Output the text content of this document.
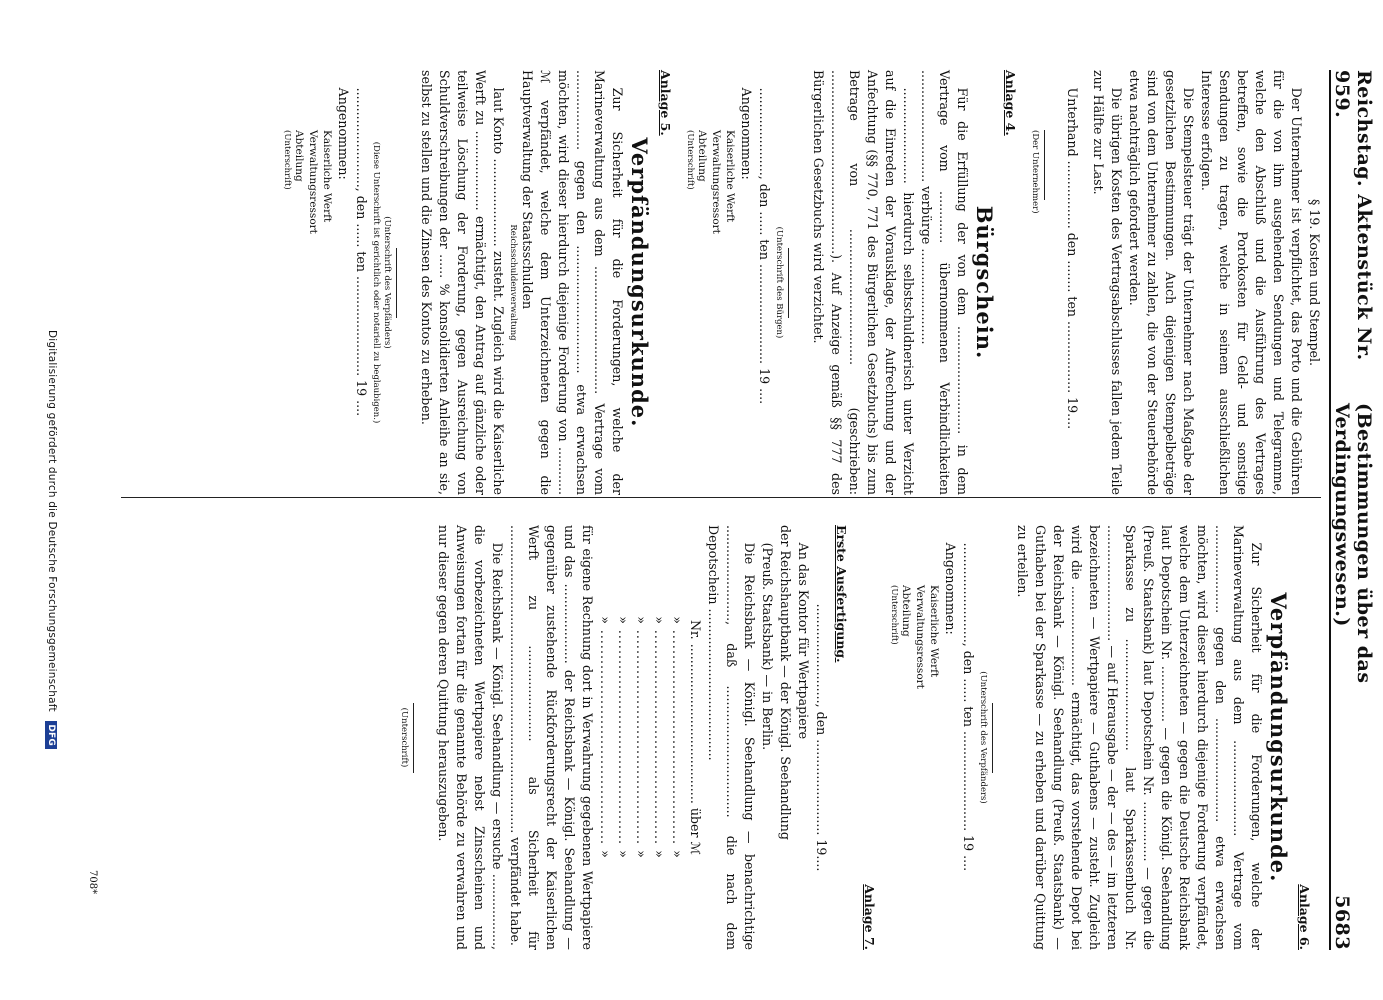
Reichstag. Aktenstück Nr. 959.
(Bestimmungen über das Verdingungswesen.)
5683

§ 19. Kosten und Stempel.

Der Unternehmer ist verpflichtet, das Porto und die Gebühren für die von ihm ausgehenden Sendungen und Telegramme, welche den Abschluß und die Ausführung des Vertrages betreffen, sowie die Portokosten für Geld- und sonstige Sendungen zu tragen, welche in seinem ausschließlichen Interesse erfolgen.

Die Stempelsteuer trägt der Unternehmer nach Maßgabe der gesetzlichen Bestimmungen. Auch diejenigen Stempelbeträge sind von dem Unternehmer zu zahlen, die von der Steuerbehörde etwa nachträglich gefordert werden.

Die übrigen Kosten des Vertragsabschlusses fallen jedem Teile zur Hälfte zur Last.

Unterhand ................. den ........ ten .................. 19....

(Der Unternehmer)

Anlage 4.

Bürgschein.

Für die Erfüllung der von dem ........................... in dem Vertrage vom ............. übernommenen Verbindlichkeiten ............................ verbürge ........................

........................ hierdurch selbstschuldnerisch unter Verzicht auf die Einreden der Vorausklage, der Aufrechnung und der Anfechtung (§§ 770, 771 des Bürgerlichen Gesetzbuchs) bis zum Betrage von .................................. (geschrieben: ..............................................). Auf Anzeige gemäß §§ 777 des Bürgerlichen Gesetzbuchs wird verzichtet.

(Unterschrift des Bürgen)

......................, den ...... ten ......................... 19 ....

Angenommen:

Kaiserliche Werft

Verwaltungsressort

Abteilung

(Unterschrift)

Anlage 5.

Verpfändungsurkunde.

Zur Sicherheit für die Forderungen, welche der Marineverwaltung aus dem ................................ Vertrage vom .................... gegen den ................................ etwa erwachsen möchten, wird dieser hierdurch diejenige Forderung von ............ ℳ verpfändet, welche dem Unterzeichneten gegen die Hauptverwaltung der Staatsschulden

Reichsschuldenverwaltung

laut Konto ...................... zusteht. Zugleich wird die Kaiserliche Werft zu .................... ermächtigt, den Antrag auf gänzliche oder teilweise Löschung der Forderung, gegen Ausreichung von Schuldverschreibungen der ...... % konsolidierten Anleihe an sie, selbst zu stellen und die Zinsen des Kontos zu erheben.

(Unterschrift des Verpfänders)

(Diese Unterschrift ist gerichtlich oder notariell zu beglaubigen.)

........................., den ...... ten ......................... 19 ....

Angenommen:

Kaiserliche Werft

Verwaltungsressort

Abteilung

(Unterschrift)

Anlage 6.

Verpfändungsurkunde.

Zur Sicherheit für die Forderungen, welche der Marineverwaltung aus dem ........................ Vertrage vom ...................... gegen den .......................... etwa erwachsen möchten, wird dieser hierdurch diejenige Forderung verpfändet, welche dem Unterzeichneten — gegen die Deutsche Reichsbank laut Depotschein Nr. .............. — gegen die Königl. Seehandlung (Preuß. Staatsbank) laut Depotschein Nr. ............... — gegen die Sparkasse zu ............................ laut Sparkassenbuch Nr. ............................. — auf Herausgabe — der — des — im letzteren bezeichneten — Wertpapiere — Guthabens — zusteht. Zugleich wird die ......................... ermächtigt, das vorstehende Depot bei der Reichsbank — Königl. Seehandlung (Preuß. Staatsbank) — Guthaben bei der Sparkasse — zu erheben und darüber Quittung zu erteilen.

(Unterschrift des Verpfänders)

........................., den ...... ten ......................... 19 ....

Angenommen:

Kaiserliche Werft

Verwaltungsressort

Abteilung

(Unterschrift)

Anlage 7.

Erste Ausfertigung.

........................., den ........................ 19....

An das Kontor für Wertpapiere

der Reichshauptbank — der Königl. Seehandlung

(Preuß. Staatsbank) — in Berlin.

Die Reichsbank — Königl. Seehandlung — benachrichtige ........................, daß ................................. die nach dem Depotschein ......................................

Nr. ........................................ über ℳ

» ........................................... »

» ........................................... »

» ........................................... »

» ........................................... »

» ........................................... »

für eigene Rechnung dort in Verwahrung gegebenen Wertpapiere und das .................... der Reichsbank — Königl. Seehandlung — gegenüber zustehende Rückforderungsrecht der Kaiserlichen Werft zu ........................ als Sicherheit für ............................................................................. verpfändet habe.

Die Reichsbank — Königl. Seehandlung — ersuche .................., die vorbezeichneten Wertpapiere nebst Zinsscheinen und Anweisungen fortan für die genannte Behörde zu verwahren und nur dieser gegen deren Quittung herauszugeben.

(Unterschrift)

708*
Digitalisierung gefördert durch die Deutsche Forschungsgemeinschaft DFG
